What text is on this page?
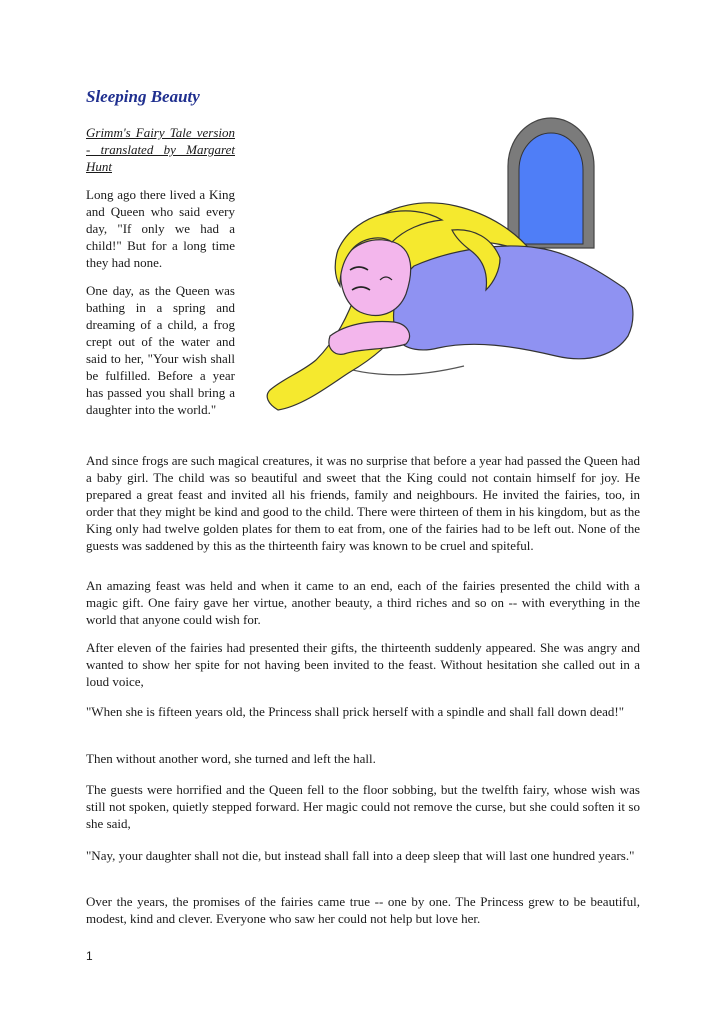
Sleeping Beauty

Grimm's Fairy Tale version - translated by Margaret Hunt

Long ago there lived a King and Queen who said every day, "If only we had a child!" But for a long time they had none.

One day, as the Queen was bathing in a spring and dreaming of a child, a frog crept out of the water and said to her, "Your wish shall be fulfilled. Before a year has passed you shall bring a daughter into the world."

And since frogs are such magical creatures, it was no surprise that before a year had passed the Queen had a baby girl. The child was so beautiful and sweet that the King could not contain himself for joy. He prepared a great feast and invited all his friends, family and neighbours. He invited the fairies, too, in order that they might be kind and good to the child. There were thirteen of them in his kingdom, but as the King only had twelve golden plates for them to eat from, one of the fairies had to be left out. None of the guests was saddened by this as the thirteenth fairy was known to be cruel and spiteful.

An amazing feast was held and when it came to an end, each of the fairies presented the child with a magic gift. One fairy gave her virtue, another beauty, a third riches and so on -- with everything in the world that anyone could wish for.

After eleven of the fairies had presented their gifts, the thirteenth suddenly appeared. She was angry and wanted to show her spite for not having been invited to the feast. Without hesitation she called out in a loud voice,

"When she is fifteen years old, the Princess shall prick herself with a spindle and shall fall down dead!"

Then without another word, she turned and left the hall.

The guests were horrified and the Queen fell to the floor sobbing, but the twelfth fairy, whose wish was still not spoken, quietly stepped forward. Her magic could not remove the curse, but she could soften it so she said,

"Nay, your daughter shall not die, but instead shall fall into a deep sleep that will last one hundred years."

Over the years, the promises of the fairies came true -- one by one. The Princess grew to be beautiful, modest, kind and clever. Everyone who saw her could not help but love her.

1
